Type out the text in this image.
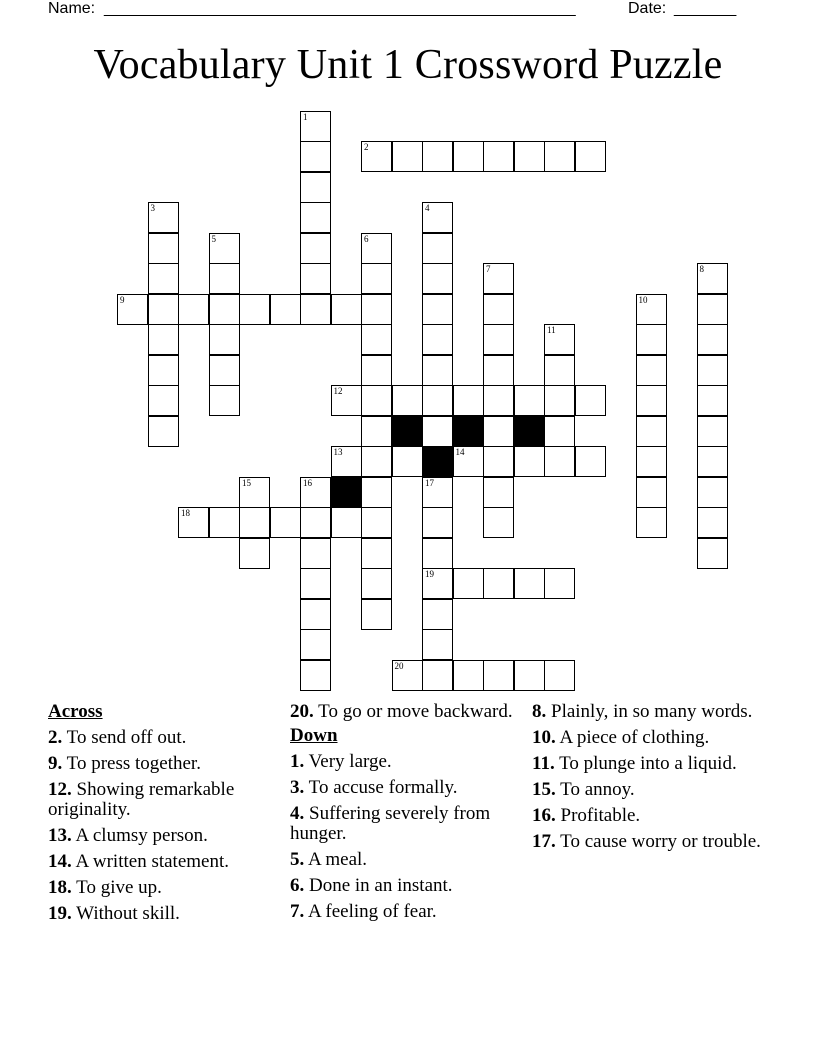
Name: _____________________________________________________	Date: _______
Vocabulary Unit 1 Crossword Puzzle
1
2
3	4
5	6
7	8
9	10
11
12
13	14
15	16	17
18
19
20
Across
2. To send off out.
9. To press together.
12. Showing remarkable originality.
13. A clumsy person.
14. A written statement.
18. To give up.
19. Without skill.
20. To go or move backward.
Down
1. Very large.
3. To accuse formally.
4. Suffering severely from hunger.
5. A meal.
6. Done in an instant.
7. A feeling of fear.
8. Plainly, in so many words.
10. A piece of clothing.
11. To plunge into a liquid.
15. To annoy.
16. Profitable.
17. To cause worry or trouble.
